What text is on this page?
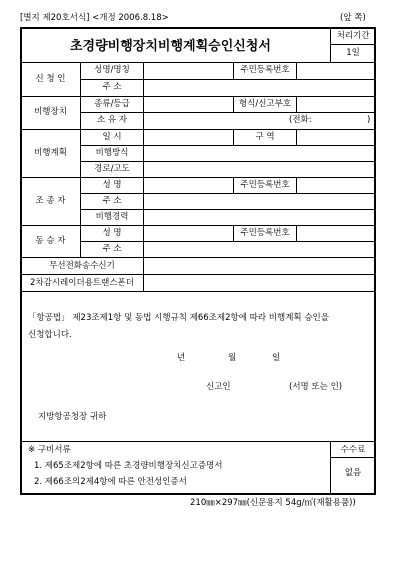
[별지 제20호서식] <개정 2006.8.18>	(앞 쪽)
초경량비행장치비행계획승인신청서
처리기간
1일
신 청 인
성명/명칭	주민등록번호
주 소
비행장치
종류/등급	형식/신고부호
소 유 자	(전화:	)
비행계획
일 시	구 역
비행방식
경로/고도
조 종 자
성 명	주민등록번호
주 소
비행경력
동 승 자
성 명	주민등록번호
주 소
무선전화송수신기
2차감시레이더용트랜스폰더
「항공법」 제23조제1항 및 동법 시행규칙 제66조제2항에 따라 비행계획 승인을 신청합니다.
년	월	일
신고인	(서명 또는 인)
지방항공청장 귀하
※ 구비서류
1. 제65조제2항에 따른 초경량비행장치신고증명서
2. 제66조의2제4항에 따른 안전성인증서
수수료
없음
210㎜×297㎜(신문용지 54g/㎡(재활용품))
